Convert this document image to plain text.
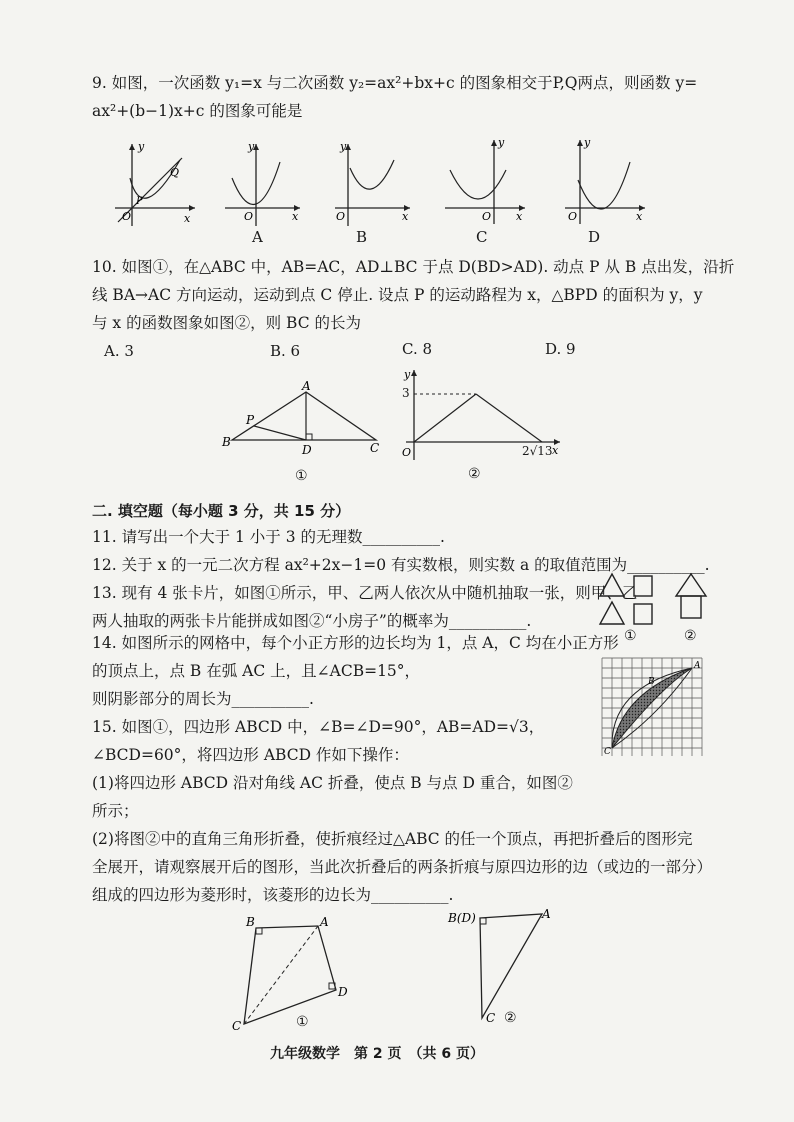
9. 如图，一次函数 y₁=x 与二次函数 y₂=ax²+bx+c 的图象相交于P,Q两点，则函数 y=
ax²+(b−1)x+c 的图象可能是
y
x
O
P
Q
y
x
O
A
y
x
O
B
y
x
O
C
y
x
O
D
10. 如图①，在△ABC 中，AB=AC，AD⊥BC 于点 D(BD>AD). 动点 P 从 B 点出发，沿折
线 BA→AC 方向运动，运动到点 C 停止. 设点 P 的运动路程为 x，△BPD 的面积为 y，y
与 x 的函数图象如图②，则 BC 的长为
A. 3	B. 6	C. 8	D. 9
B
A
P
D	C
①
y
x
O
3
2√13
②
二. 填空题（每小题 3 分，共 15 分）
11. 请写出一个大于 1 小于 3 的无理数__________.
12. 关于 x 的一元二次方程 ax²+2x−1=0 有实数根，则实数 a 的取值范围为__________.
13. 现有 4 张卡片，如图①所示，甲、乙两人依次从中随机抽取一张，则甲、乙
两人抽取的两张卡片能拼成如图②“小房子”的概率为__________.
①	②
14. 如图所示的网格中，每个小正方形的边长均为 1，点 A，C 均在小正方形
的顶点上，点 B 在弧 AC 上，且∠ACB=15°，
则阴影部分的周长为__________.
C
A
B
15. 如图①，四边形 ABCD 中，∠B=∠D=90°，AB=AD=√3，
∠BCD=60°，将四边形 ABCD 作如下操作：
(1)将四边形 ABCD 沿对角线 AC 折叠，使点 B 与点 D 重合，如图②
所示；
(2)将图②中的直角三角形折叠，使折痕经过△ABC 的任一个顶点，再把折叠后的图形完
全展开，请观察展开后的图形，当此次折叠后的两条折痕与原四边形的边（或边的一部分）
组成的四边形为菱形时，该菱形的边长为__________.
B	A
D
C	①
B(D)	A
C ②
九年级数学　第 2 页　（共 6 页）
